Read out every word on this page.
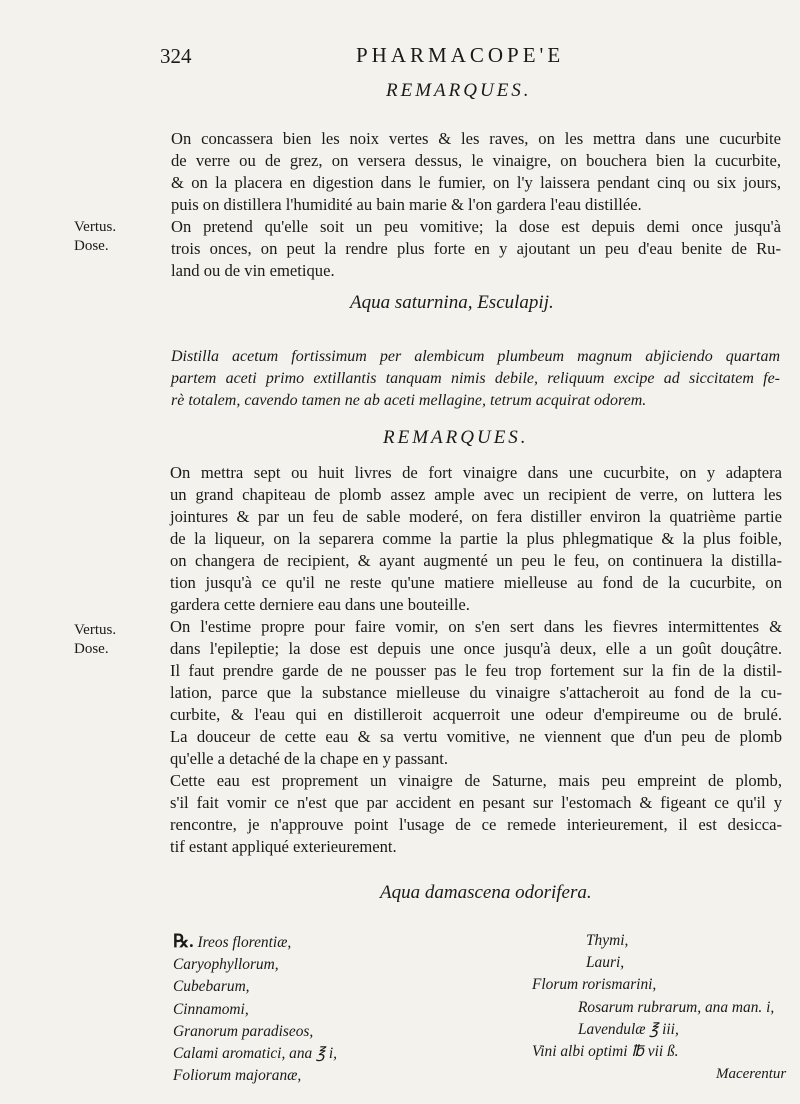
324	PHARMACOPE'E
REMARQUES.
On concassera bien les noix vertes & les raves, on les mettra dans une cucurbite
de verre ou de grez, on versera dessus, le vinaigre, on bouchera bien la cucurbite,
& on la placera en digestion dans le fumier, on l'y laissera pendant cinq ou six jours,
puis on distillera l'humidité au bain marie & l'on gardera l'eau distillée.
On pretend qu'elle soit un peu vomitive; la dose est depuis demi once jusqu'à
trois onces, on peut la rendre plus forte en y ajoutant un peu d'eau benite de Ru-
land ou de vin emetique.
Vertus.
Dose.
Aqua saturnina, Esculapij.
Distilla acetum fortissimum per alembicum plumbeum magnum abjiciendo quartam
partem aceti primo extillantis tanquam nimis debile, reliquum excipe ad siccitatem fe-
rè totalem, cavendo tamen ne ab aceti mellagine, tetrum acquirat odorem.
REMARQUES.
On mettra sept ou huit livres de fort vinaigre dans une cucurbite, on y adaptera
un grand chapiteau de plomb assez ample avec un recipient de verre, on luttera les
jointures & par un feu de sable moderé, on fera distiller environ la quatrième partie
de la liqueur, on la separera comme la partie la plus phlegmatique & la plus foible,
on changera de recipient, & ayant augmenté un peu le feu, on continuera la distilla-
tion jusqu'à ce qu'il ne reste qu'une matiere mielleuse au fond de la cucurbite, on
gardera cette derniere eau dans une bouteille.
On l'estime propre pour faire vomir, on s'en sert dans les fievres intermittentes &
dans l'epileptie; la dose est depuis une once jusqu'à deux, elle a un goût douçâtre.
Il faut prendre garde de ne pousser pas le feu trop fortement sur la fin de la distil-
lation, parce que la substance mielleuse du vinaigre s'attacheroit au fond de la cu-
curbite, & l'eau qui en distilleroit acquerroit une odeur d'empireume ou de brulé.
La douceur de cette eau & sa vertu vomitive, ne viennent que d'un peu de plomb
qu'elle a detaché de la chape en y passant.
Cette eau est proprement un vinaigre de Saturne, mais peu empreint de plomb,
s'il fait vomir ce n'est que par accident en pesant sur l'estomach & figeant ce qu'il y
rencontre, je n'approuve point l'usage de ce remede interieurement, il est desicca-
tif estant appliqué exterieurement.
Vertus.
Dose.
Aqua damascena odorifera.
℞. Ireos florentiæ,
Caryophyllorum,
Cubebarum,
Cinnamomi,
Granorum paradiseos,
Calami aromatici, ana ℥ i,
Foliorum majoranæ,
Thymi,
Lauri,
Florum rorismarini,
Rosarum rubrarum, ana man. i,
Lavendulæ ℥ iii,
Vini albi optimi ℔ vii ß.
Macerentur
